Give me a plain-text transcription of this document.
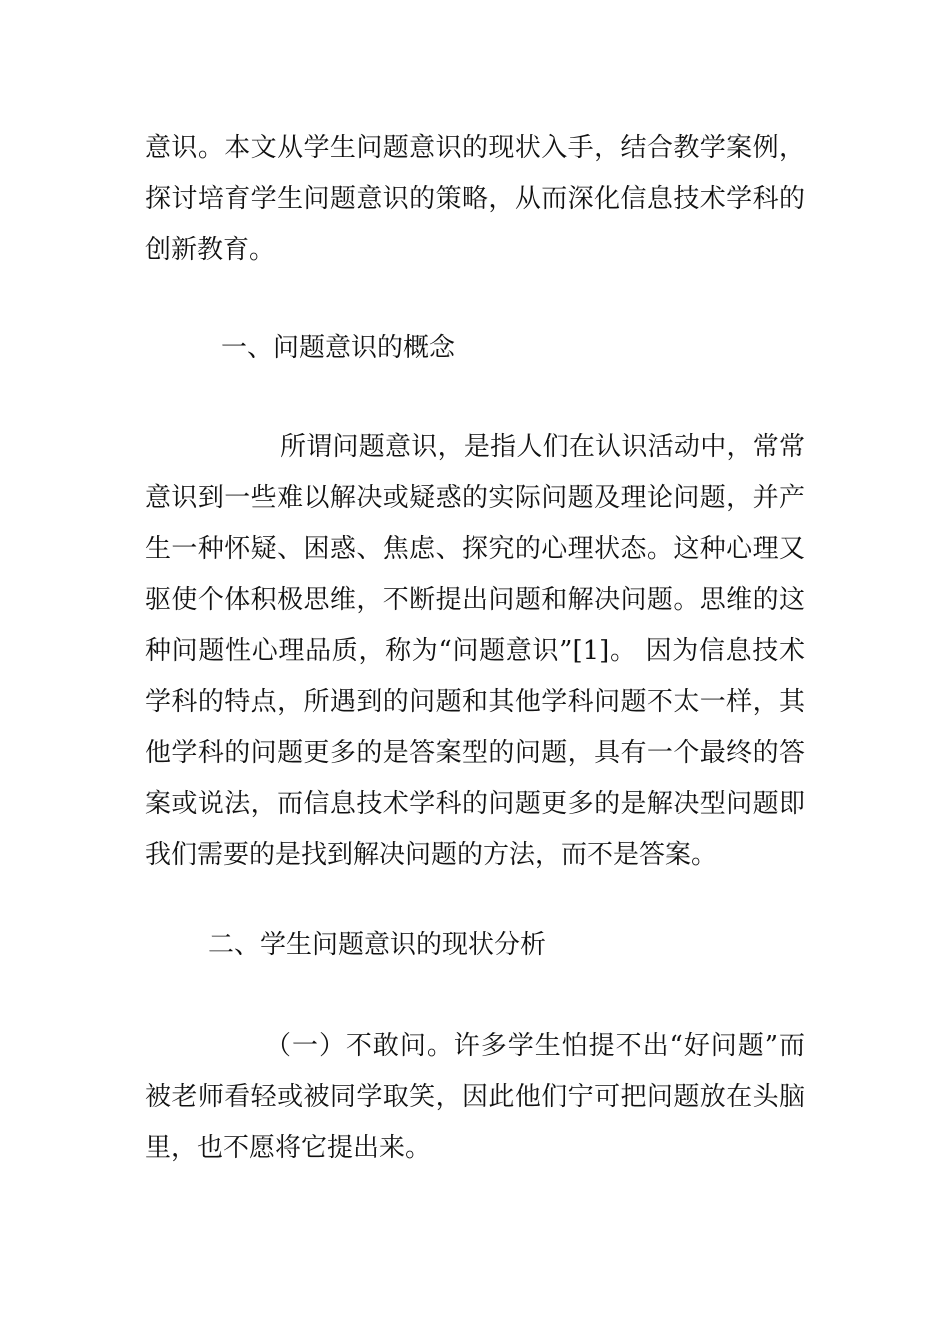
意识。本文从学生问题意识的现状入手，结合教学案例，探讨培育学生问题意识的策略，从而深化信息技术学科的创新教育。

一、问题意识的概念

所谓问题意识，是指人们在认识活动中，常常意识到一些难以解决或疑惑的实际问题及理论问题，并产生一种怀疑、困惑、焦虑、探究的心理状态。这种心理又驱使个体积极思维，不断提出问题和解决问题。思维的这种问题性心理品质，称为“问题意识”[1]。 因为信息技术学科的特点，所遇到的问题和其他学科问题不太一样，其他学科的问题更多的是答案型的问题，具有一个最终的答案或说法，而信息技术学科的问题更多的是解决型问题即我们需要的是找到解决问题的方法，而不是答案。

二、学生问题意识的现状分析

（一）不敢问。许多学生怕提不出“好问题”而被老师看轻或被同学取笑，因此他们宁可把问题放在头脑里，也不愿将它提出来。
